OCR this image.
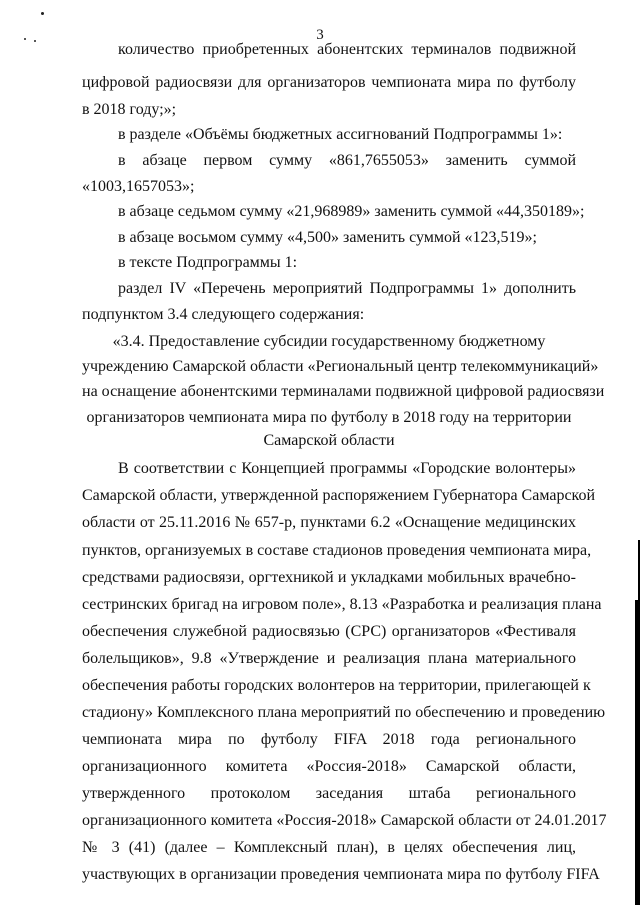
3
количество приобретенных абонентских терминалов подвижной
цифровой радиосвязи для организаторов чемпионата мира по футболу
в 2018 году;»;
в разделе «Объёмы бюджетных ассигнований Подпрограммы 1»:
в абзаце первом сумму «861,7655053» заменить суммой
«1003,1657053»;
в абзаце седьмом сумму «21,968989» заменить суммой «44,350189»;
в абзаце восьмом сумму «4,500» заменить суммой «123,519»;
в тексте Подпрограммы 1:
раздел IV «Перечень мероприятий Подпрограммы 1» дополнить
подпунктом 3.4 следующего содержания:
«3.4. Предоставление субсидии государственному бюджетному
учреждению Самарской области «Региональный центр телекоммуникаций»
на оснащение абонентскими терминалами подвижной цифровой радиосвязи
организаторов чемпионата мира по футболу в 2018 году на территории
Самарской области
В соответствии с Концепцией программы «Городские волонтеры»
Самарской области, утвержденной распоряжением Губернатора Самарской
области от 25.11.2016 № 657-р, пунктами 6.2 «Оснащение медицинских
пунктов, организуемых в составе стадионов проведения чемпионата мира,
средствами радиосвязи, оргтехникой и укладками мобильных врачебно-
сестринских бригад на игровом поле», 8.13 «Разработка и реализация плана
обеспечения служебной радиосвязью (СРС) организаторов «Фестиваля
болельщиков», 9.8 «Утверждение и реализация плана материального
обеспечения работы городских волонтеров на территории, прилегающей к
стадиону» Комплексного плана мероприятий по обеспечению и проведению
чемпионата мира по футболу FIFA 2018 года регионального
организационного комитета «Россия-2018» Самарской области,
утвержденного протоколом заседания штаба регионального
организационного комитета «Россия-2018» Самарской области от 24.01.2017
№ 3 (41) (далее – Комплексный план), в целях обеспечения лиц,
участвующих в организации проведения чемпионата мира по футболу FIFA
